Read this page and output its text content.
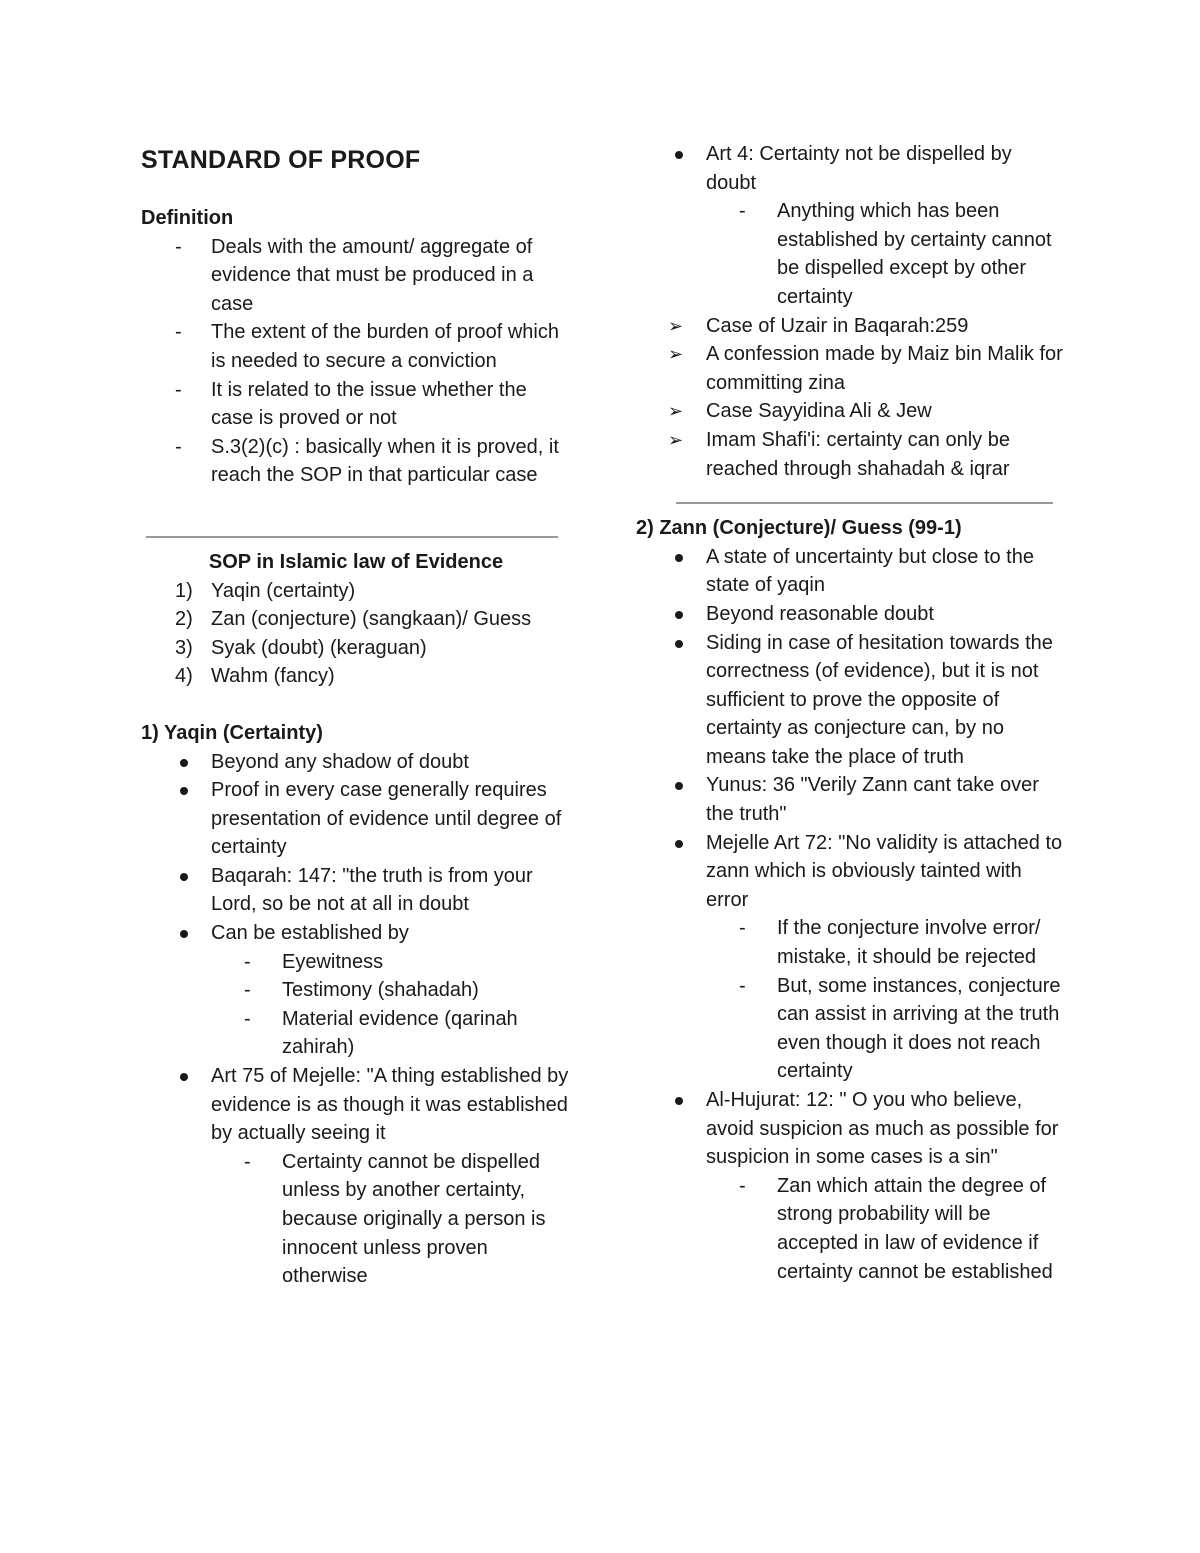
STANDARD OF PROOF
Definition
- Deals with the amount/ aggregate of evidence that must be produced in a case
- The extent of the burden of proof which is needed to secure a conviction
- It is related to the issue whether the case is proved or not
- S.3(2)(c) : basically when it is proved, it reach the SOP in that particular case
SOP in Islamic law of Evidence
1) Yaqin (certainty)
2) Zan (conjecture) (sangkaan)/ Guess
3) Syak (doubt) (keraguan)
4) Wahm (fancy)
1) Yaqin (Certainty)
Beyond any shadow of doubt
Proof in every case generally requires presentation of evidence until degree of certainty
Baqarah: 147: "the truth is from your Lord, so be not at all in doubt
Can be established by
- Eyewitness
- Testimony (shahadah)
- Material evidence (qarinah zahirah)
Art 75 of Mejelle: "A thing established by evidence is as though it was established by actually seeing it
- Certainty cannot be dispelled unless by another certainty, because originally a person is innocent unless proven otherwise
Art 4: Certainty not be dispelled by doubt
- Anything which has been established by certainty cannot be dispelled except by other certainty
➢ Case of Uzair in Baqarah:259
➢ A confession made by Maiz bin Malik for committing zina
➢ Case Sayyidina Ali & Jew
➢ Imam Shafi'i: certainty can only be reached through shahadah & iqrar
2) Zann (Conjecture)/ Guess (99-1)
A state of uncertainty but close to the state of yaqin
Beyond reasonable doubt
Siding in case of hesitation towards the correctness (of evidence), but it is not sufficient to prove the opposite of certainty as conjecture can, by no means take the place of truth
Yunus: 36 "Verily Zann cant take over the truth"
Mejelle Art 72: "No validity is attached to zann which is obviously tainted with error
- If the conjecture involve error/ mistake, it should be rejected
- But, some instances, conjecture can assist in arriving at the truth even though it does not reach certainty
Al-Hujurat: 12: " O you who believe, avoid suspicion as much as possible for suspicion in some cases is a sin"
- Zan which attain the degree of strong probability will be accepted in law of evidence if certainty cannot be established
